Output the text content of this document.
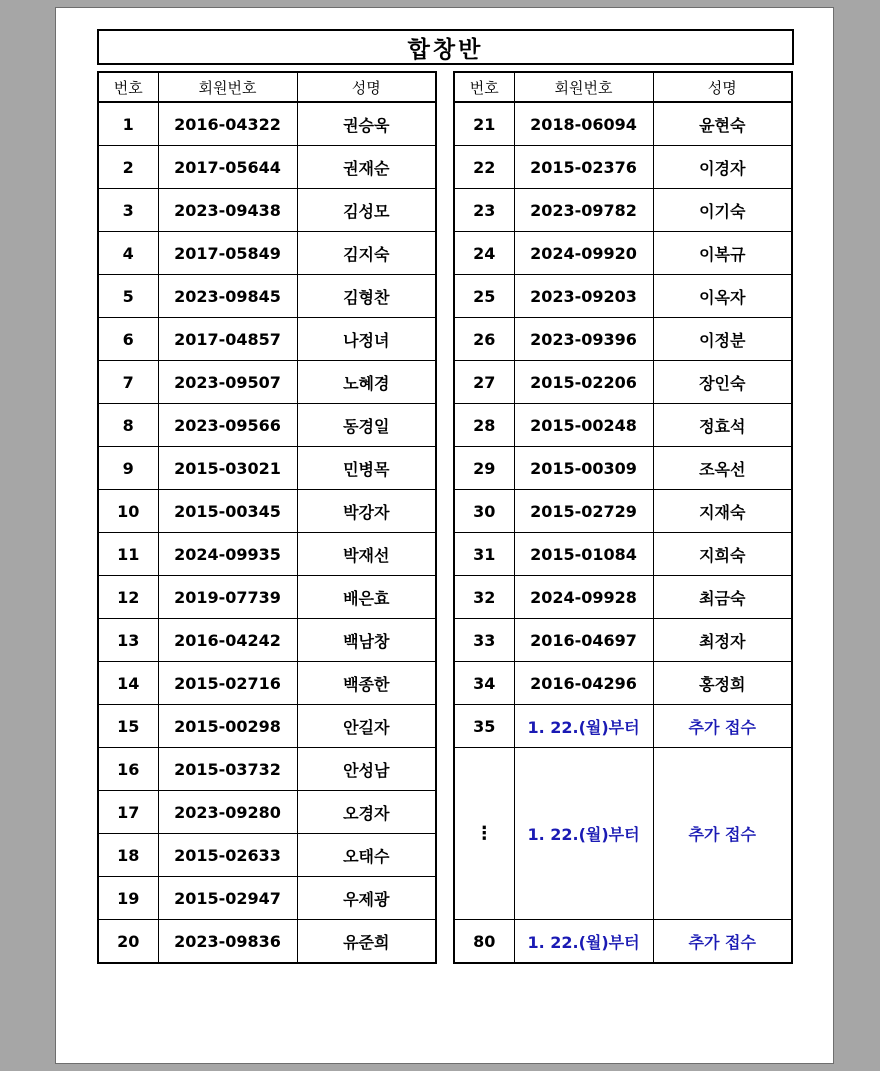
합창반
번호	회원번호	성명
1	2016-04322	권승욱
2	2017-05644	권재순
3	2023-09438	김성모
4	2017-05849	김지숙
5	2023-09845	김형찬
6	2017-04857	나정녀
7	2023-09507	노혜경
8	2023-09566	동경일
9	2015-03021	민병목
10	2015-00345	박강자
11	2024-09935	박재선
12	2019-07739	배은효
13	2016-04242	백남창
14	2015-02716	백종한
15	2015-00298	안길자
16	2015-03732	안성남
17	2023-09280	오경자
18	2015-02633	오태수
19	2015-02947	우제광
20	2023-09836	유준희
번호	회원번호	성명
21	2018-06094	윤현숙
22	2015-02376	이경자
23	2023-09782	이기숙
24	2024-09920	이복규
25	2023-09203	이옥자
26	2023-09396	이정분
27	2015-02206	장인숙
28	2015-00248	정효석
29	2015-00309	조옥선
30	2015-02729	지재숙
31	2015-01084	지희숙
32	2024-09928	최금숙
33	2016-04697	최정자
34	2016-04296	홍정희
35	1. 22.(월)부터	추가 접수
⋮	1. 22.(월)부터	추가 접수
80	1. 22.(월)부터	추가 접수
